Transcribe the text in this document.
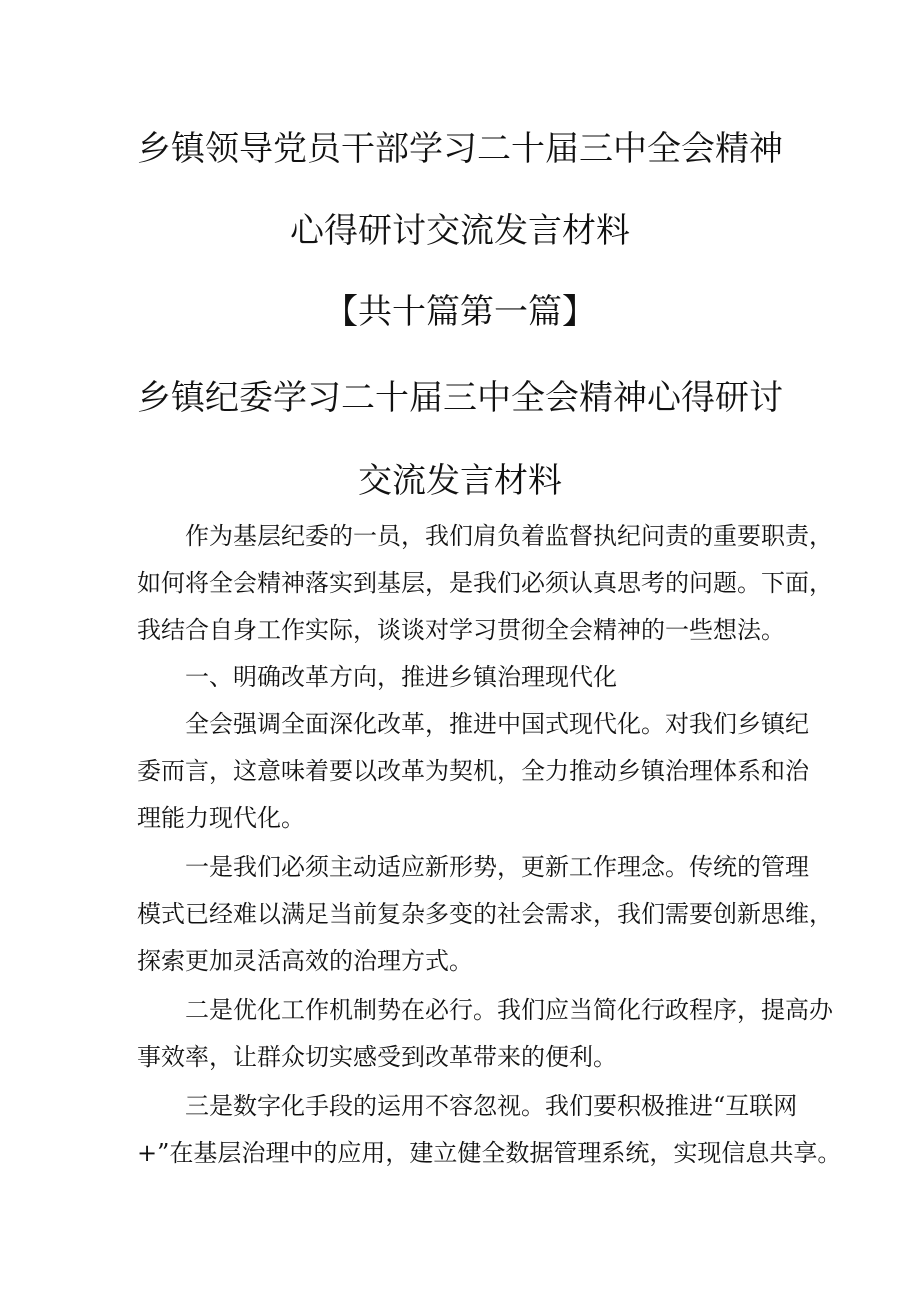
乡镇领导党员干部学习二十届三中全会精神
心得研讨交流发言材料
【共十篇第一篇】
乡镇纪委学习二十届三中全会精神心得研讨
交流发言材料
作为基层纪委的一员，我们肩负着监督执纪问责的重要职责，
如何将全会精神落实到基层，是我们必须认真思考的问题。下面，
我结合自身工作实际，谈谈对学习贯彻全会精神的一些想法。
一、明确改革方向，推进乡镇治理现代化
全会强调全面深化改革，推进中国式现代化。对我们乡镇纪
委而言，这意味着要以改革为契机，全力推动乡镇治理体系和治
理能力现代化。
一是我们必须主动适应新形势，更新工作理念。传统的管理
模式已经难以满足当前复杂多变的社会需求，我们需要创新思维，
探索更加灵活高效的治理方式。
二是优化工作机制势在必行。我们应当简化行政程序，提高办
事效率，让群众切实感受到改革带来的便利。
三是数字化手段的运用不容忽视。我们要积极推进“互联网
+”在基层治理中的应用，建立健全数据管理系统，实现信息共享。
